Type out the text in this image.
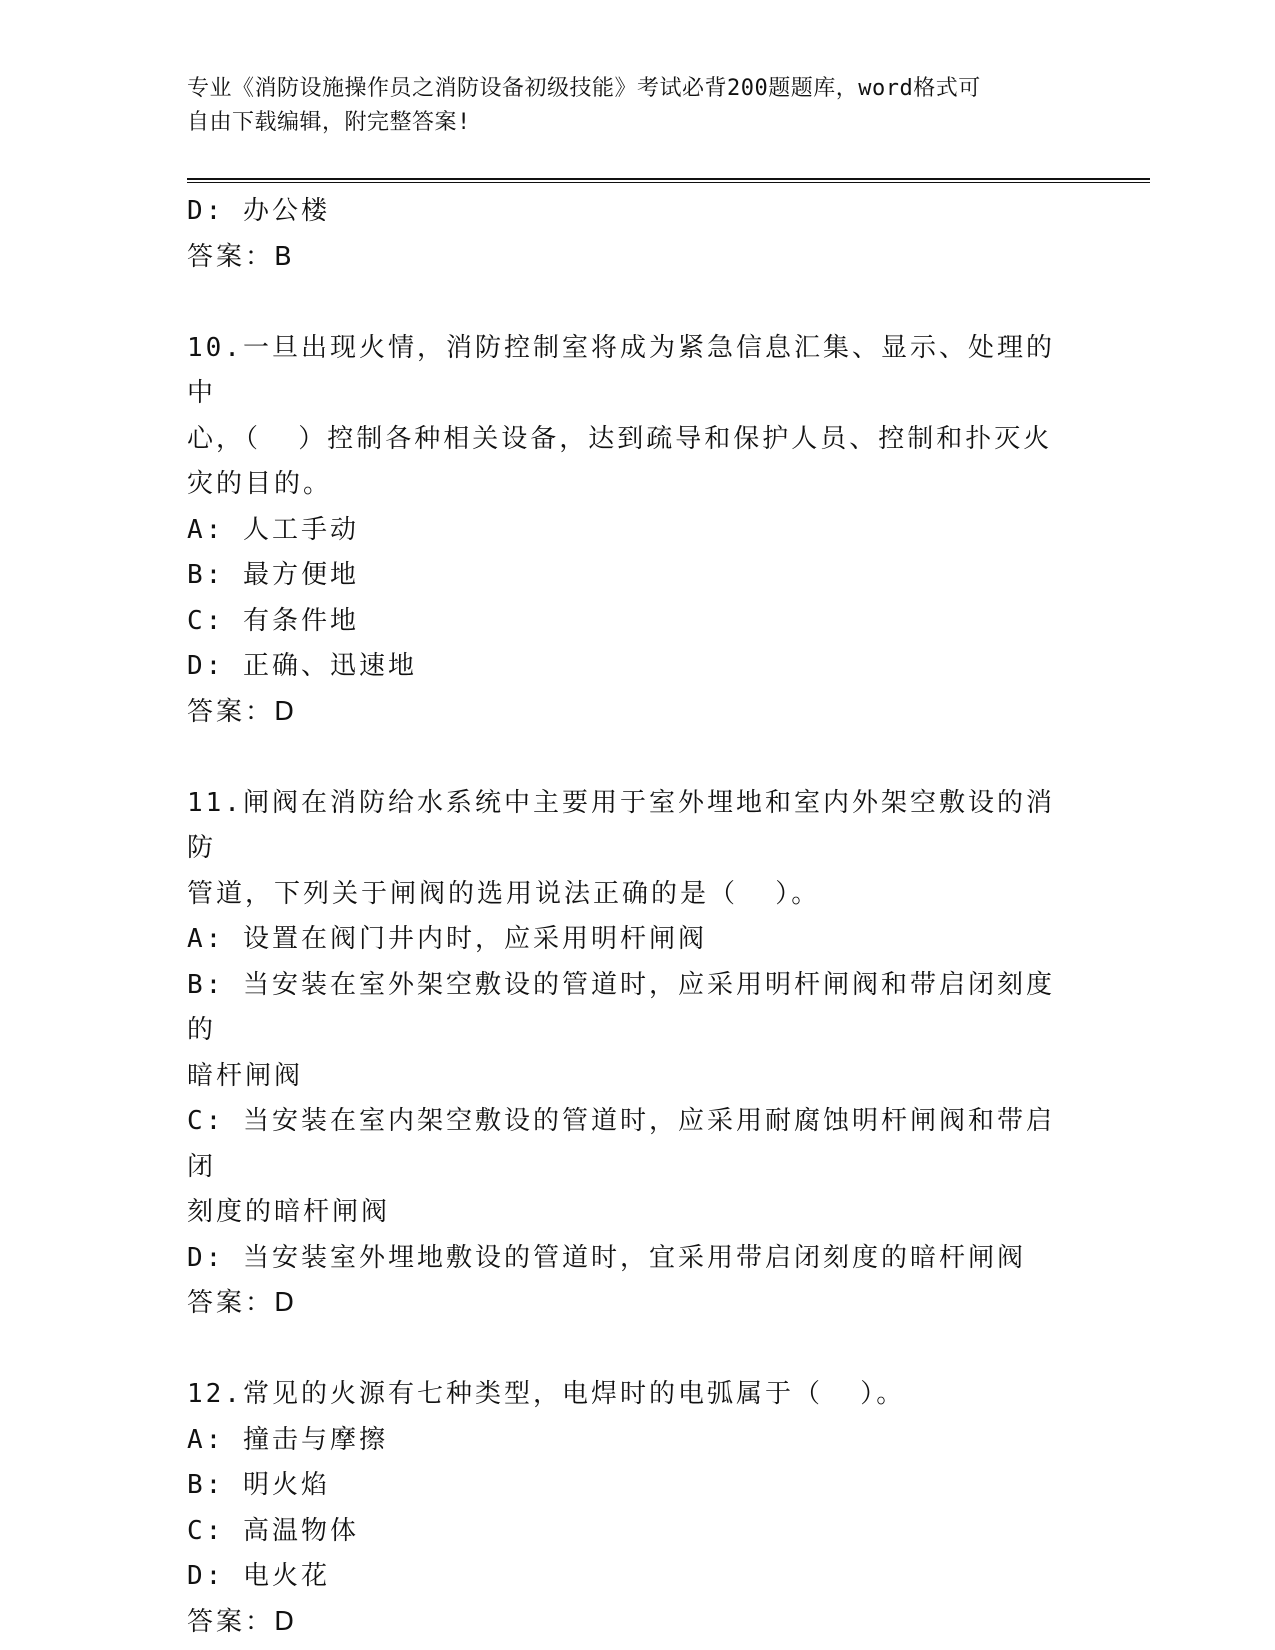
专业《消防设施操作员之消防设备初级技能》考试必背200题题库，word格式可
自由下载编辑，附完整答案!
D: 办公楼
答案：B
10.一旦出现火情，消防控制室将成为紧急信息汇集、显示、处理的中
心，（  ）控制各种相关设备，达到疏导和保护人员、控制和扑灭火
灾的目的。
A: 人工手动
B: 最方便地
C: 有条件地
D: 正确、迅速地
答案：D
11.闸阀在消防给水系统中主要用于室外埋地和室内外架空敷设的消防
管道，下列关于闸阀的选用说法正确的是（  ）。
A: 设置在阀门井内时，应采用明杆闸阀
B: 当安装在室外架空敷设的管道时，应采用明杆闸阀和带启闭刻度的
暗杆闸阀
C: 当安装在室内架空敷设的管道时，应采用耐腐蚀明杆闸阀和带启闭
刻度的暗杆闸阀
D: 当安装室外埋地敷设的管道时，宜采用带启闭刻度的暗杆闸阀
答案：D
12.常见的火源有七种类型，电焊时的电弧属于（  ）。
A: 撞击与摩擦
B: 明火焰
C: 高温物体
D: 电火花
答案：D
